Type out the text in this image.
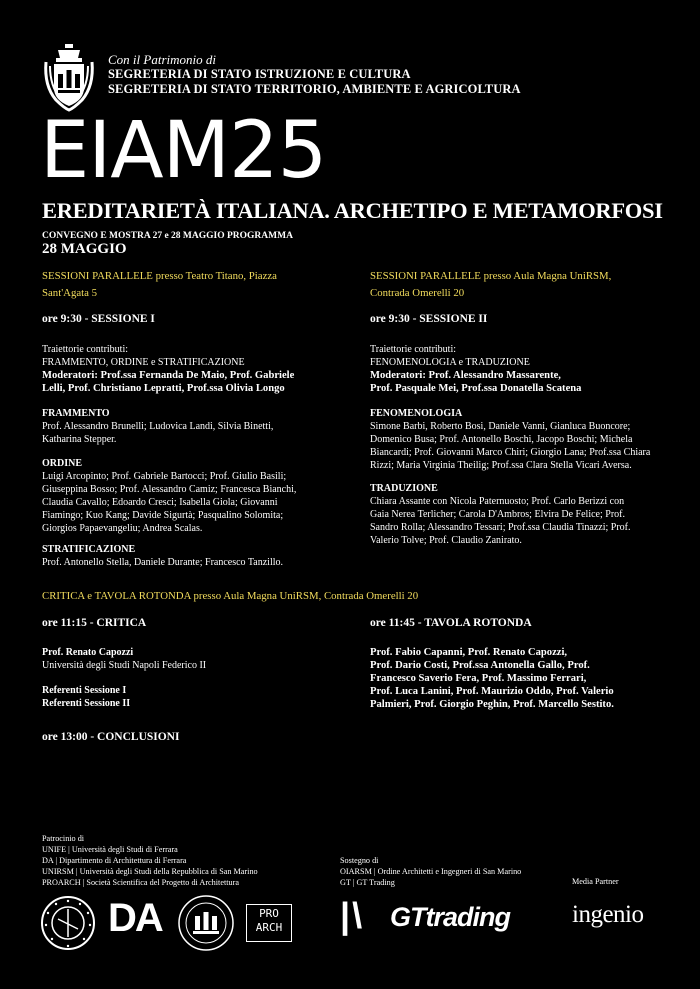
Con il Patrimonio di
SEGRETERIA DI STATO ISTRUZIONE E CULTURA
SEGRETERIA DI STATO TERRITORIO, AMBIENTE E AGRICOLTURA
EIAM25
EREDITARIETÀ ITALIANA. ARCHETIPO E METAMORFOSI
CONVEGNO E MOSTRA 27 e 28 MAGGIO PROGRAMMA
28 MAGGIO
SESSIONI PARALLELE presso Teatro Titano, Piazza
Sant'Agata 5
ore 9:30 - SESSIONE I
Traiettorie contributi:
FRAMMENTO, ORDINE e STRATIFICAZIONE
Moderatori: Prof.ssa Fernanda De Maio, Prof. Gabriele
Lelli, Prof. Christiano Lepratti, Prof.ssa Olivia Longo
FRAMMENTO
Prof. Alessandro Brunelli; Ludovica Landi, Silvia Binetti,
Katharina Stepper.
ORDINE
Luigi Arcopinto; Prof. Gabriele Bartocci; Prof. Giulio Basili;
Giuseppina Bosso; Prof. Alessandro Camiz; Francesca Bianchi,
Claudia Cavallo; Edoardo Cresci; Isabella Giola; Giovanni
Fiamingo; Kuo Kang; Davide Sigurtà; Pasqualino Solomita;
Giorgios Papaevangeliu; Andrea Scalas.
STRATIFICAZIONE
Prof. Antonello Stella, Daniele Durante; Francesco Tanzillo.
SESSIONI PARALLELE presso Aula Magna UniRSM,
Contrada Omerelli 20
ore 9:30 - SESSIONE II
Traiettorie contributi:
FENOMENOLOGIA e TRADUZIONE
Moderatori: Prof. Alessandro Massarente,
Prof. Pasquale Mei, Prof.ssa Donatella Scatena
FENOMENOLOGIA
Simone Barbi, Roberto Bosi, Daniele Vanni, Gianluca Buoncore;
Domenico Busa; Prof. Antonello Boschi, Jacopo Boschi; Michela
Biancardi; Prof. Giovanni Marco Chiri; Giorgio Lana; Prof.ssa Chiara
Rizzi; Maria Virginia Theilig; Prof.ssa Clara Stella Vicari Aversa.
TRADUZIONE
Chiara Assante con Nicola Paternuosto; Prof. Carlo Berizzi con
Gaia Nerea Terlicher; Carola D'Ambros; Elvira De Felice; Prof.
Sandro Rolla; Alessandro Tessari; Prof.ssa Claudia Tinazzi; Prof.
Valerio Tolve; Prof. Claudio Zanirato.
CRITICA e TAVOLA ROTONDA presso Aula Magna UniRSM, Contrada Omerelli 20
ore 11:15 - CRITICA
Prof. Renato Capozzi
Università degli Studi Napoli Federico II
Referenti Sessione I
Referenti Sessione II
ore 13:00 - CONCLUSIONI
ore 11:45 - TAVOLA ROTONDA
Prof. Fabio Capanni, Prof. Renato Capozzi,
Prof. Dario Costi, Prof.ssa Antonella Gallo, Prof.
Francesco Saverio Fera, Prof. Massimo Ferrari,
Prof. Luca Lanini, Prof. Maurizio Oddo, Prof. Valerio
Palmieri, Prof. Giorgio Peghin, Prof. Marcello Sestito.
Patrocinio di
UNIFE | Università degli Studi di Ferrara
DA | Dipartimento di Architettura di Ferrara
UNIRSM | Università degli Studi della Repubblica di San Marino
PROARCH | Società Scientifica del Progetto di Architettura
Sostegno di
OIARSM | Ordine Architetti e Ingegneri di San Marino
GT | GT Trading	Media Partner
DA	PRO
ARCH |\ GTtrading ingenio
